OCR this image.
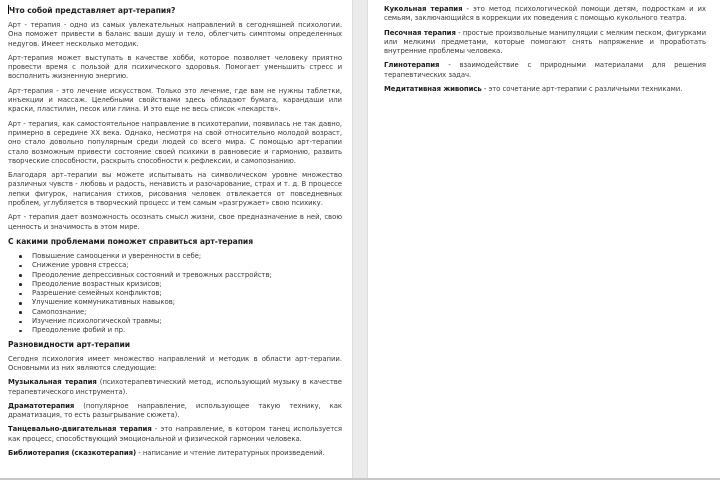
Что собой представляет арт-терапия?

Арт - терапия - одно из самых увлекательных направлений в сегодняшней психологии. Она поможет привести в баланс ваши душу и тело, облегчить симптомы определенных недугов. Имеет несколько методик.

Арт-терапия может выступать в качестве хобби, которое позволяет человеку приятно провести время с пользой для психического здоровья. Помогает уменьшить стресс и восполнить жизненную энергию.

Арт-терапия - это лечение искусством. Только это лечение, где вам не нужны таблетки, инъекции и массаж. Целебными свойствами здесь обладают бумага, карандаши или краски, пластилин, песок или глина. И это еще не весь список «лекарств».

Арт - терапия, как самостоятельное направление в психотерапии, появилась не так давно, примерно в середине XX века. Однако, несмотря на свой относительно молодой возраст, оно стало довольно популярным среди людей со всего мира. С помощью арт-терапии стало возможным привести состояние своей психики в равновесие и гармонию, развить творческие способности, раскрыть способности к рефлексии, и самопознанию.

Благодаря арт–терапии вы можете испытывать на символическом уровне множество различных чувств - любовь и радость, ненависть и разочарование, страх и т. д. В процессе лепки фигурок, написания стихов, рисования человек отвлекается от повседневных проблем, углубляется в творческий процесс и тем самым «разгружает» свою психику.

Арт - терапия дает возможность осознать смысл жизни, свое предназначение в ней, свою ценность и значимость в этом мире.

С какими проблемами поможет справиться арт-терапия
Повышение самооценки и уверенности в себе;
Снижение уровня стресса;
Преодоление депрессивных состояний и тревожных расстройств;
Преодоление возрастных кризисов;
Разрешение семейных конфликтов;
Улучшение коммуникативных навыков;
Самопознание;
Изучение психологической травмы;
Преодоление фобий и пр.
Разновидности арт-терапии

Сегодня психология имеет множество направлений и методик в области арт-терапии. Основными из них являются следующие:

Музыкальная терапия (психотерапевтический метод, использующий музыку в качестве терапевтического инструмента).

Драматотерапия (популярное направление, использующее такую технику, как драматизация, то есть разыгрывание сюжета).

Танцевально-двигательная терапия - это направление, в котором танец используется как процесс, способствующий эмоциональной и физической гармонии человека.

Библиотерапия (сказкотерапия) - написание и чтение литературных произведений.

Кукольная терапия - это метод психологической помощи детям, подросткам и их семьям, заключающийся в коррекции их поведения с помощью кукольного театра.

Песочная терапия - простые произвольные манипуляции с мелким песком, фигурками или мелкими предметами, которые помогают снять напряжение и проработать внутренние проблемы человека.

Глинотерапия - взаимодействие с природными материалами для решения терапевтических задач.

Медитативная живопись - это сочетание арт-терапии с различными техниками.
